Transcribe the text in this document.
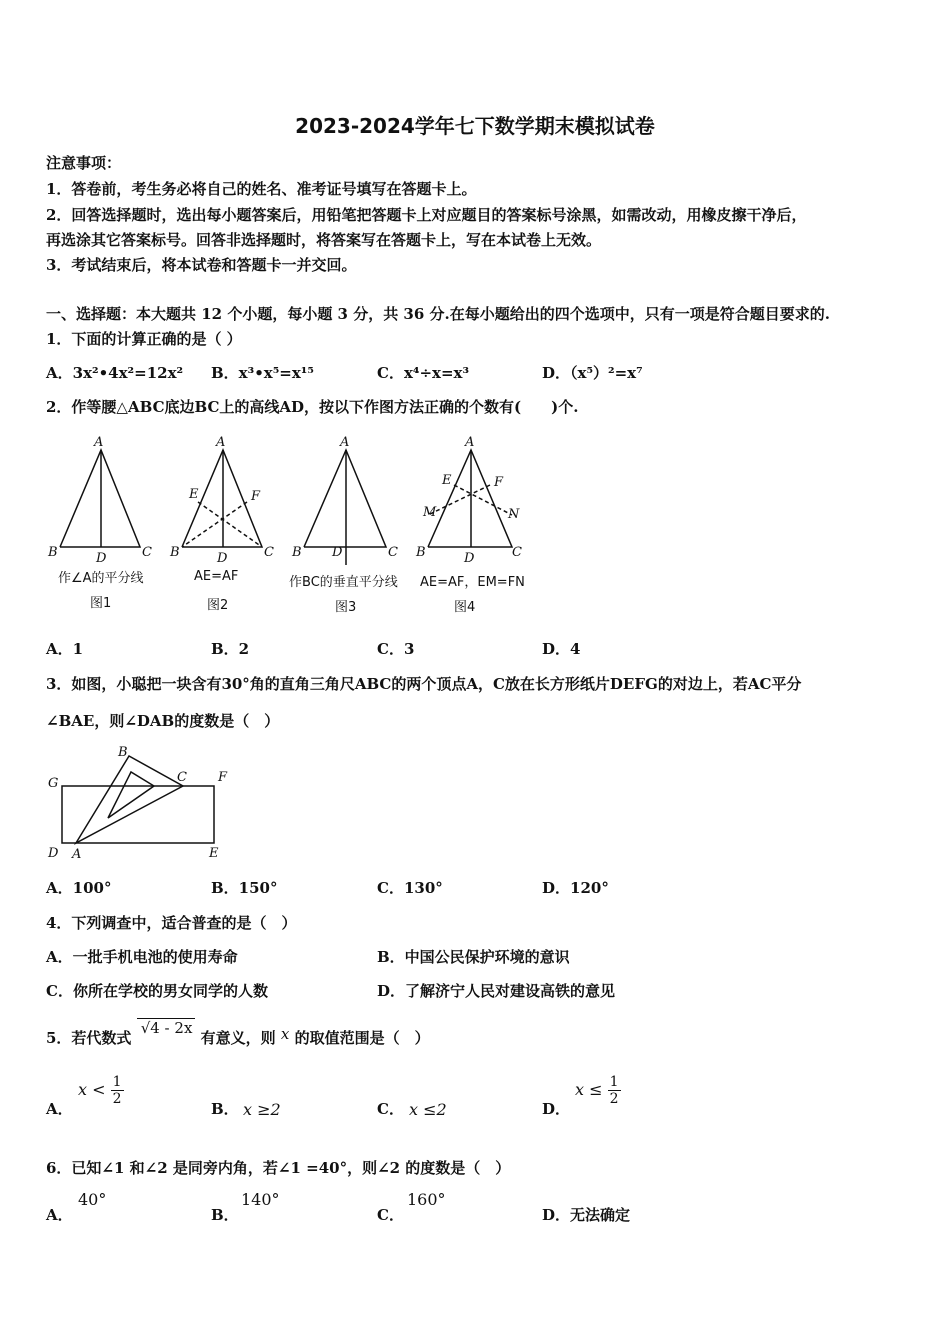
2023-2024学年七下数学期末模拟试卷
注意事项：
1．答卷前，考生务必将自己的姓名、准考证号填写在答题卡上。
2．回答选择题时，选出每小题答案后，用铅笔把答题卡上对应题目的答案标号涂黑，如需改动，用橡皮擦干净后，
再选涂其它答案标号。回答非选择题时，将答案写在答题卡上，写在本试卷上无效。
3．考试结束后，将本试卷和答题卡一并交回。
一、选择题：本大题共 12 个小题，每小题 3 分，共 36 分.在每小题给出的四个选项中，只有一项是符合题目要求的.
1．下面的计算正确的是（ ）
A．3x²•4x²=12x² B．x³•x⁵=x¹⁵	C．x⁴÷x=x³	D．（x⁵）²=x⁷
2．作等腰△ABC底边BC上的高线AD，按以下作图方法正确的个数有(　　)个.
A
B	D	C
A
E	F
B	D	C
A
B D	C
A
E	F
M	N
B	D	C
作∠A的平分线	AE=AF	作BC的垂直平分线 AE=AF，EM=FN
图1	图2	图3	图4
A．1	B．2	C．3	D．4
3．如图，小聪把一块含有30°角的直角三角尺ABC的两个顶点A，C放在长方形纸片DEFG的对边上，若AC平分
∠BAE，则∠DAB的度数是（　）
G
B
C F
D A	E
A．100°	B．150°	C．130°	D．120°
4．下列调查中，适合普查的是（　）
A．一批手机电池的使用寿命	B．中国公民保护环境的意识
C．你所在学校的男女同学的人数	D．了解济宁人民对建设高铁的意见
5．若代数式 √4 - 2x 有意义，则 x 的取值范围是（　）
A．
$x < \frac{1}{2}$
B． x ≥2	C． x ≤2	D．
$x \le \frac{1}{2}$
6．已知∠1 和∠2 是同旁内角，若∠1 =40°，则∠2 的度数是（　）
A．
40°
B．
140°
C．
160°
D．无法确定
